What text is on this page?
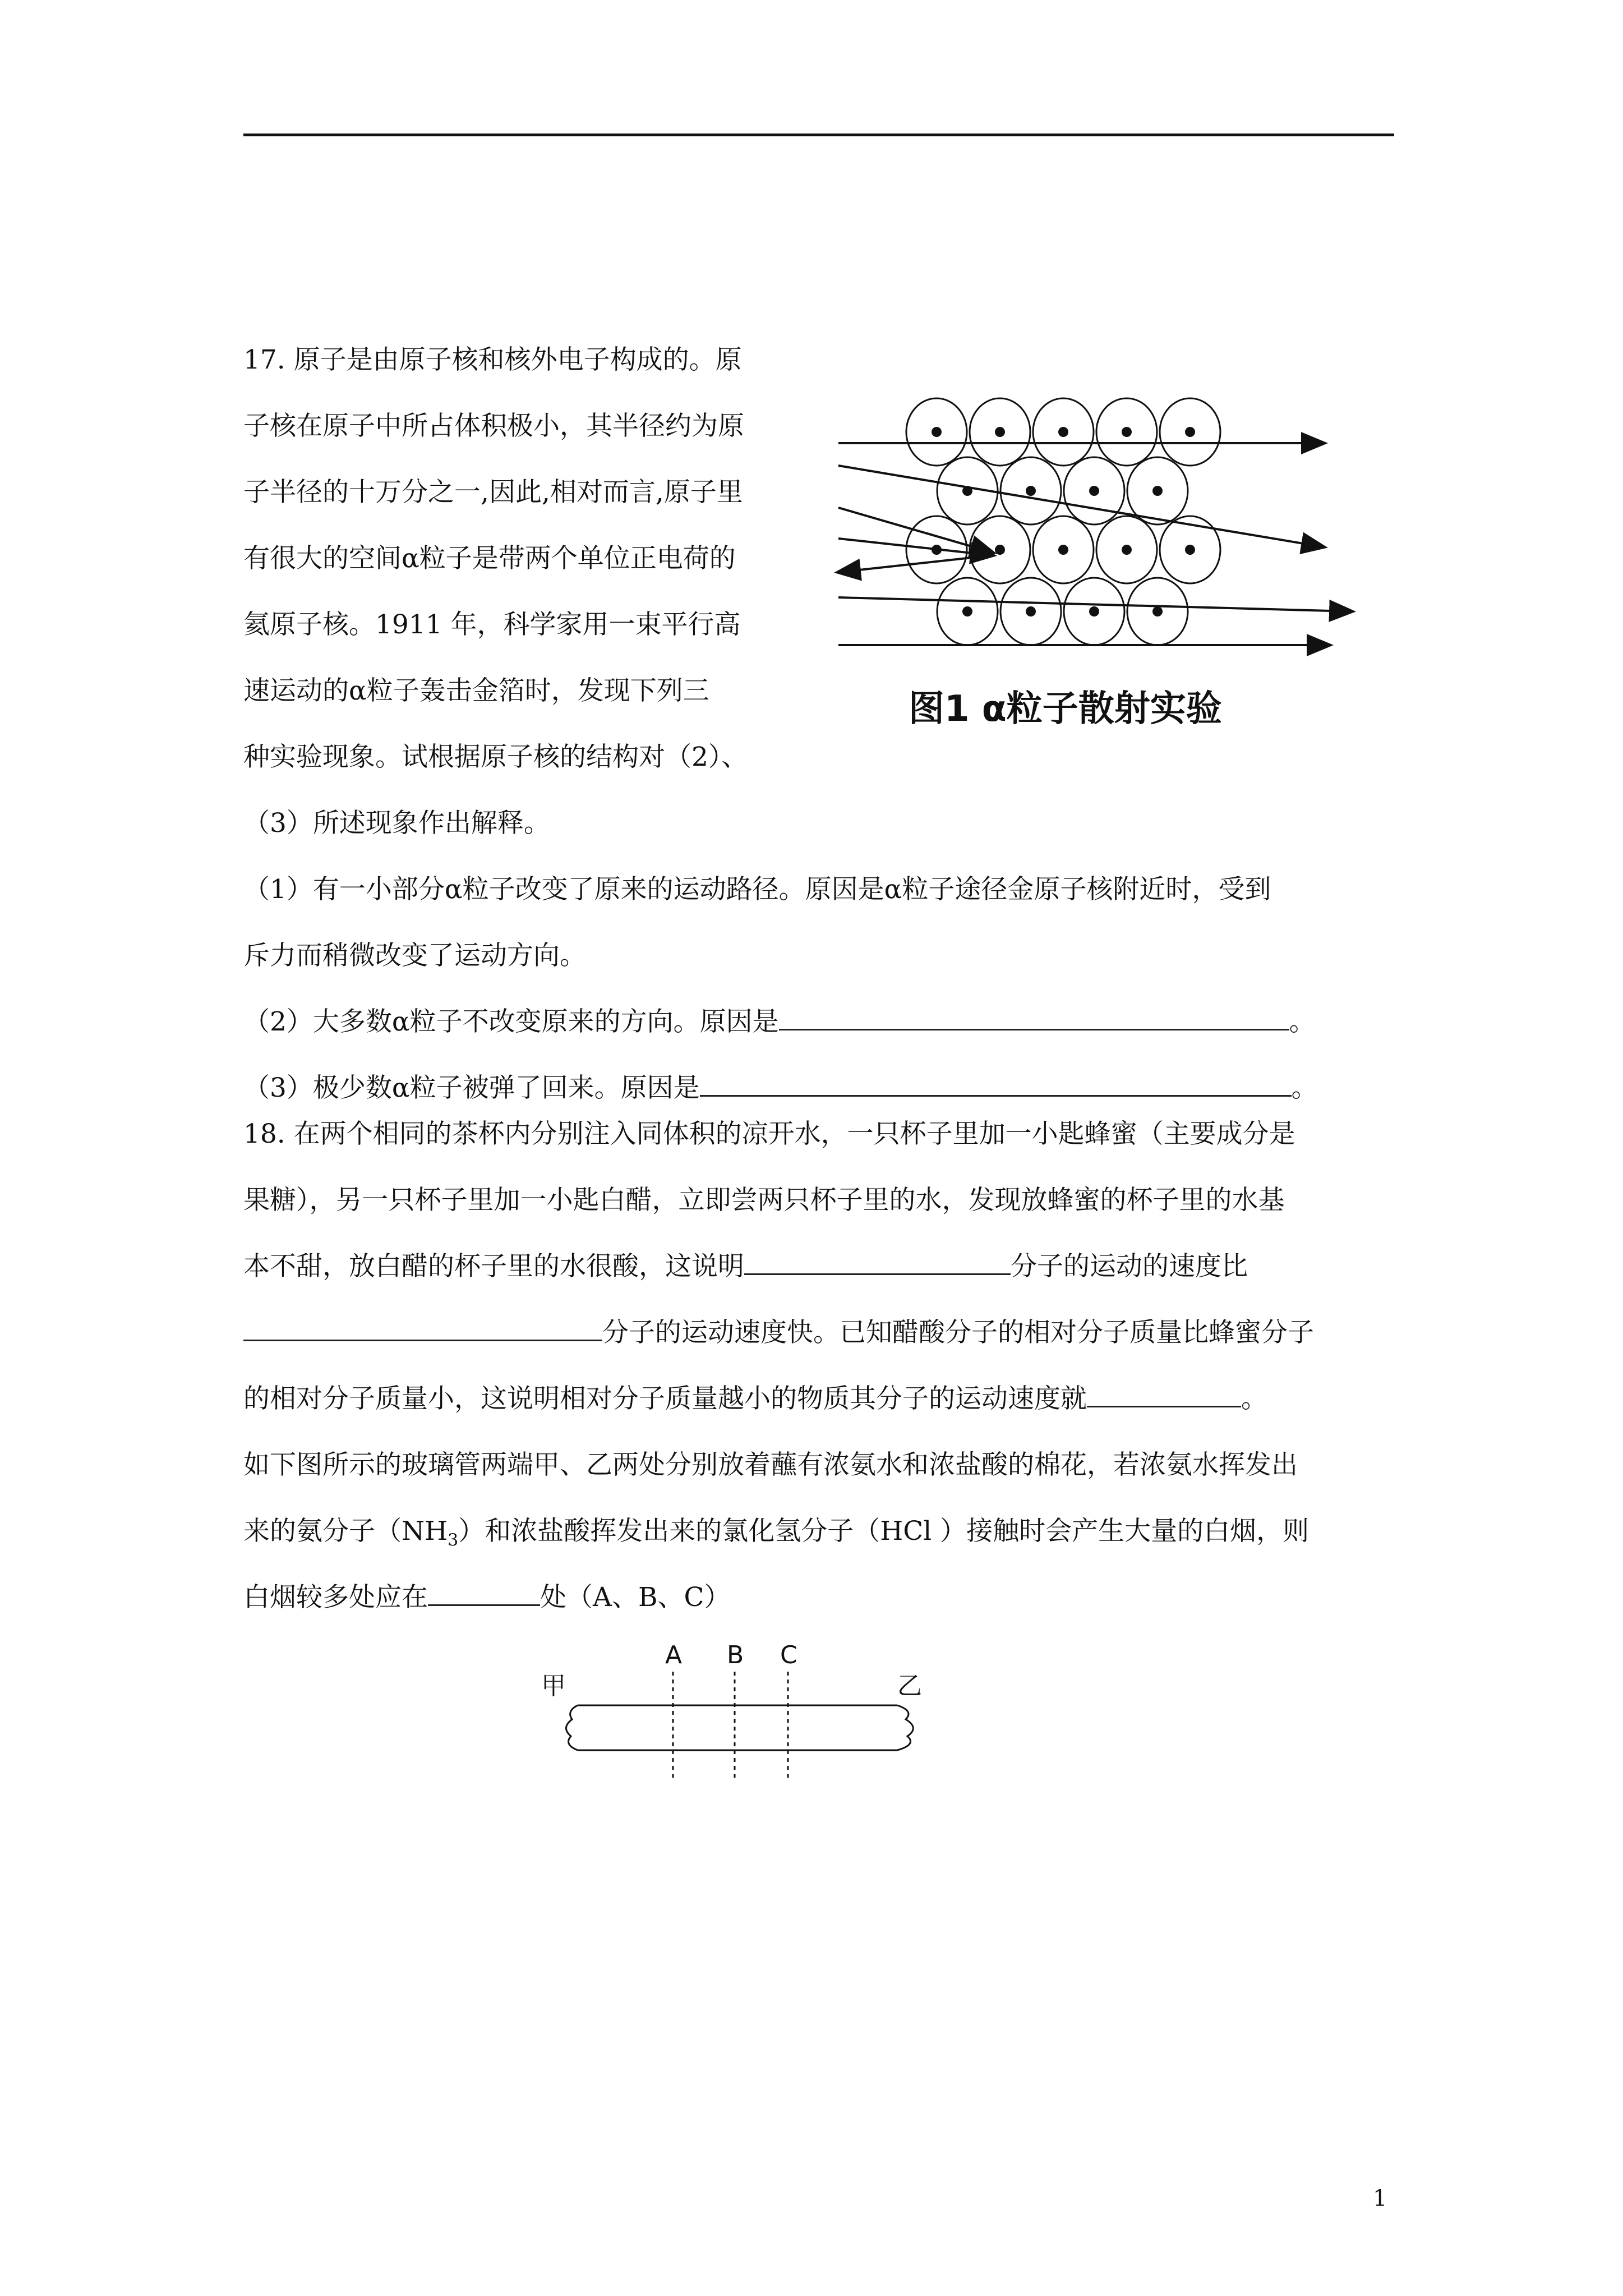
17. 原子是由原子核和核外电子构成的。原
子核在原子中所占体积极小，其半径约为原
子半径的十万分之一,因此,相对而言,原子里
有很大的空间α粒子是带两个单位正电荷的
氦原子核。1911 年，科学家用一束平行高
速运动的α粒子轰击金箔时，发现下列三
种实验现象。试根据原子核的结构对（2）、
（3）所述现象作出解释。
（1）有一小部分α粒子改变了原来的运动路径。原因是α粒子途径金原子核附近时，受到
斥力而稍微改变了运动方向。
（2）大多数α粒子不改变原来的方向。原因是	。
（3）极少数α粒子被弹了回来。原因是	。
图1 α粒子散射实验
18. 在两个相同的茶杯内分别注入同体积的凉开水，一只杯子里加一小匙蜂蜜（主要成分是
果糖），另一只杯子里加一小匙白醋，立即尝两只杯子里的水，发现放蜂蜜的杯子里的水基
本不甜，放白醋的杯子里的水很酸，这说明	分子的运动的速度比
分子的运动速度快。已知醋酸分子的相对分子质量比蜂蜜分子
的相对分子质量小，这说明相对分子质量越小的物质其分子的运动速度就	。
如下图所示的玻璃管两端甲、乙两处分别放着蘸有浓氨水和浓盐酸的棉花，若浓氨水挥发出
来的氨分子$(NH_3)$和浓盐酸挥发出来的氯化氢分子（HCl ）接触时会产生大量的白烟，则
白烟较多处应在	处（A、B、C）
甲	乙
A B C
1
